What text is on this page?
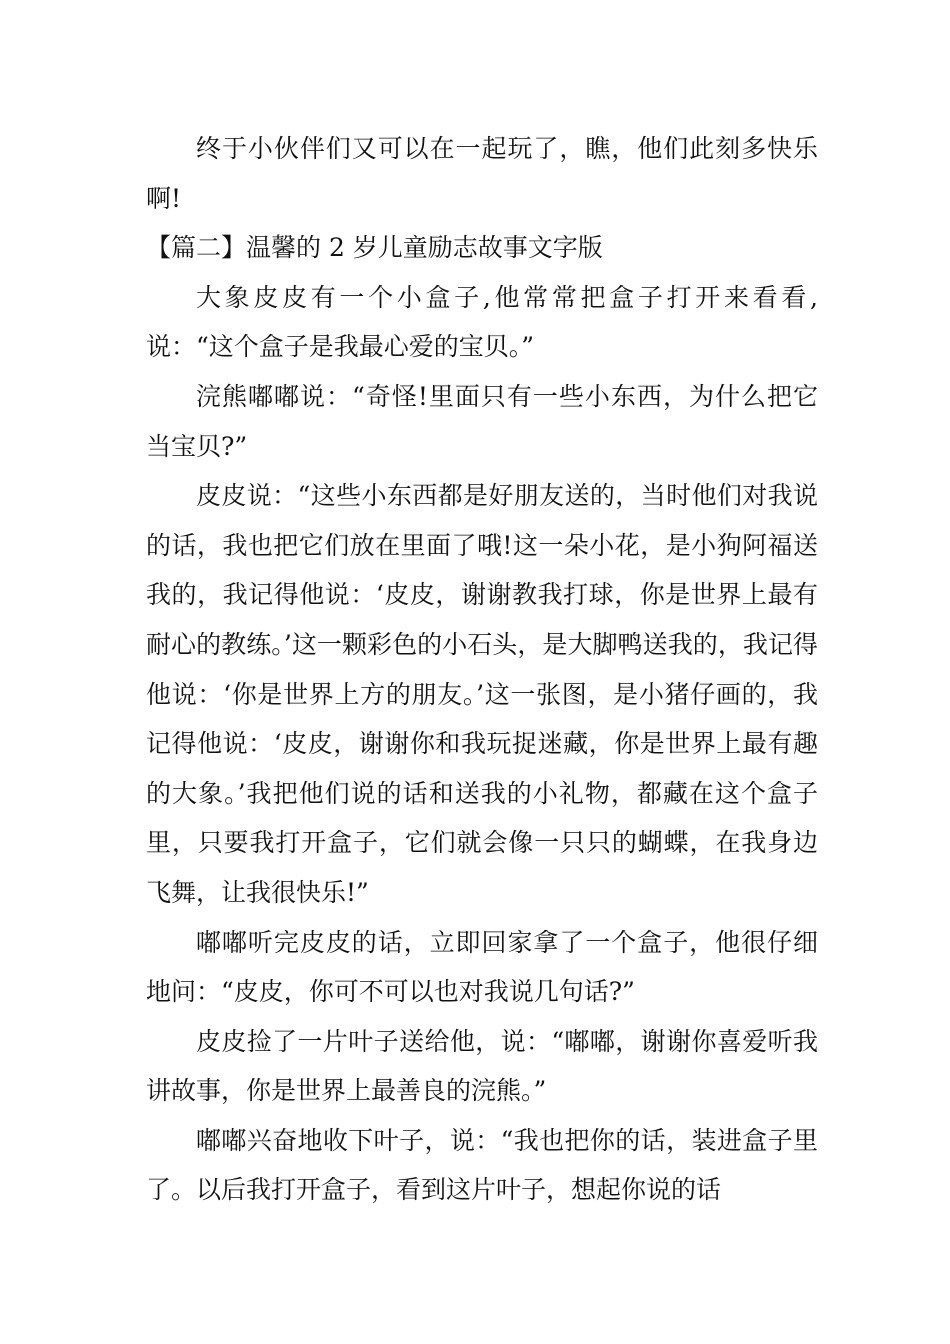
终于小伙伴们又可以在一起玩了，瞧，他们此刻多快乐啊!

【篇二】温馨的 2 岁儿童励志故事文字版

大象皮皮有一个小盒子,他常常把盒子打开来看看,说：“这个盒子是我最心爱的宝贝。”

浣熊嘟嘟说：“奇怪!里面只有一些小东西，为什么把它当宝贝?”

皮皮说：“这些小东西都是好朋友送的，当时他们对我说的话，我也把它们放在里面了哦!这一朵小花，是小狗阿福送我的，我记得他说：‘皮皮，谢谢教我打球，你是世界上最有耐心的教练。’这一颗彩色的小石头，是大脚鸭送我的，我记得他说：‘你是世界上方的朋友。’这一张图，是小猪仔画的，我记得他说：‘皮皮，谢谢你和我玩捉迷藏，你是世界上最有趣的大象。’我把他们说的话和送我的小礼物，都藏在这个盒子里，只要我打开盒子，它们就会像一只只的蝴蝶，在我身边飞舞，让我很快乐!”

嘟嘟听完皮皮的话，立即回家拿了一个盒子，他很仔细地问：“皮皮，你可不可以也对我说几句话?”

皮皮捡了一片叶子送给他，说：“嘟嘟，谢谢你喜爱听我讲故事，你是世界上最善良的浣熊。”

嘟嘟兴奋地收下叶子，说：“我也把你的话，装进盒子里了。以后我打开盒子，看到这片叶子，想起你说的话
